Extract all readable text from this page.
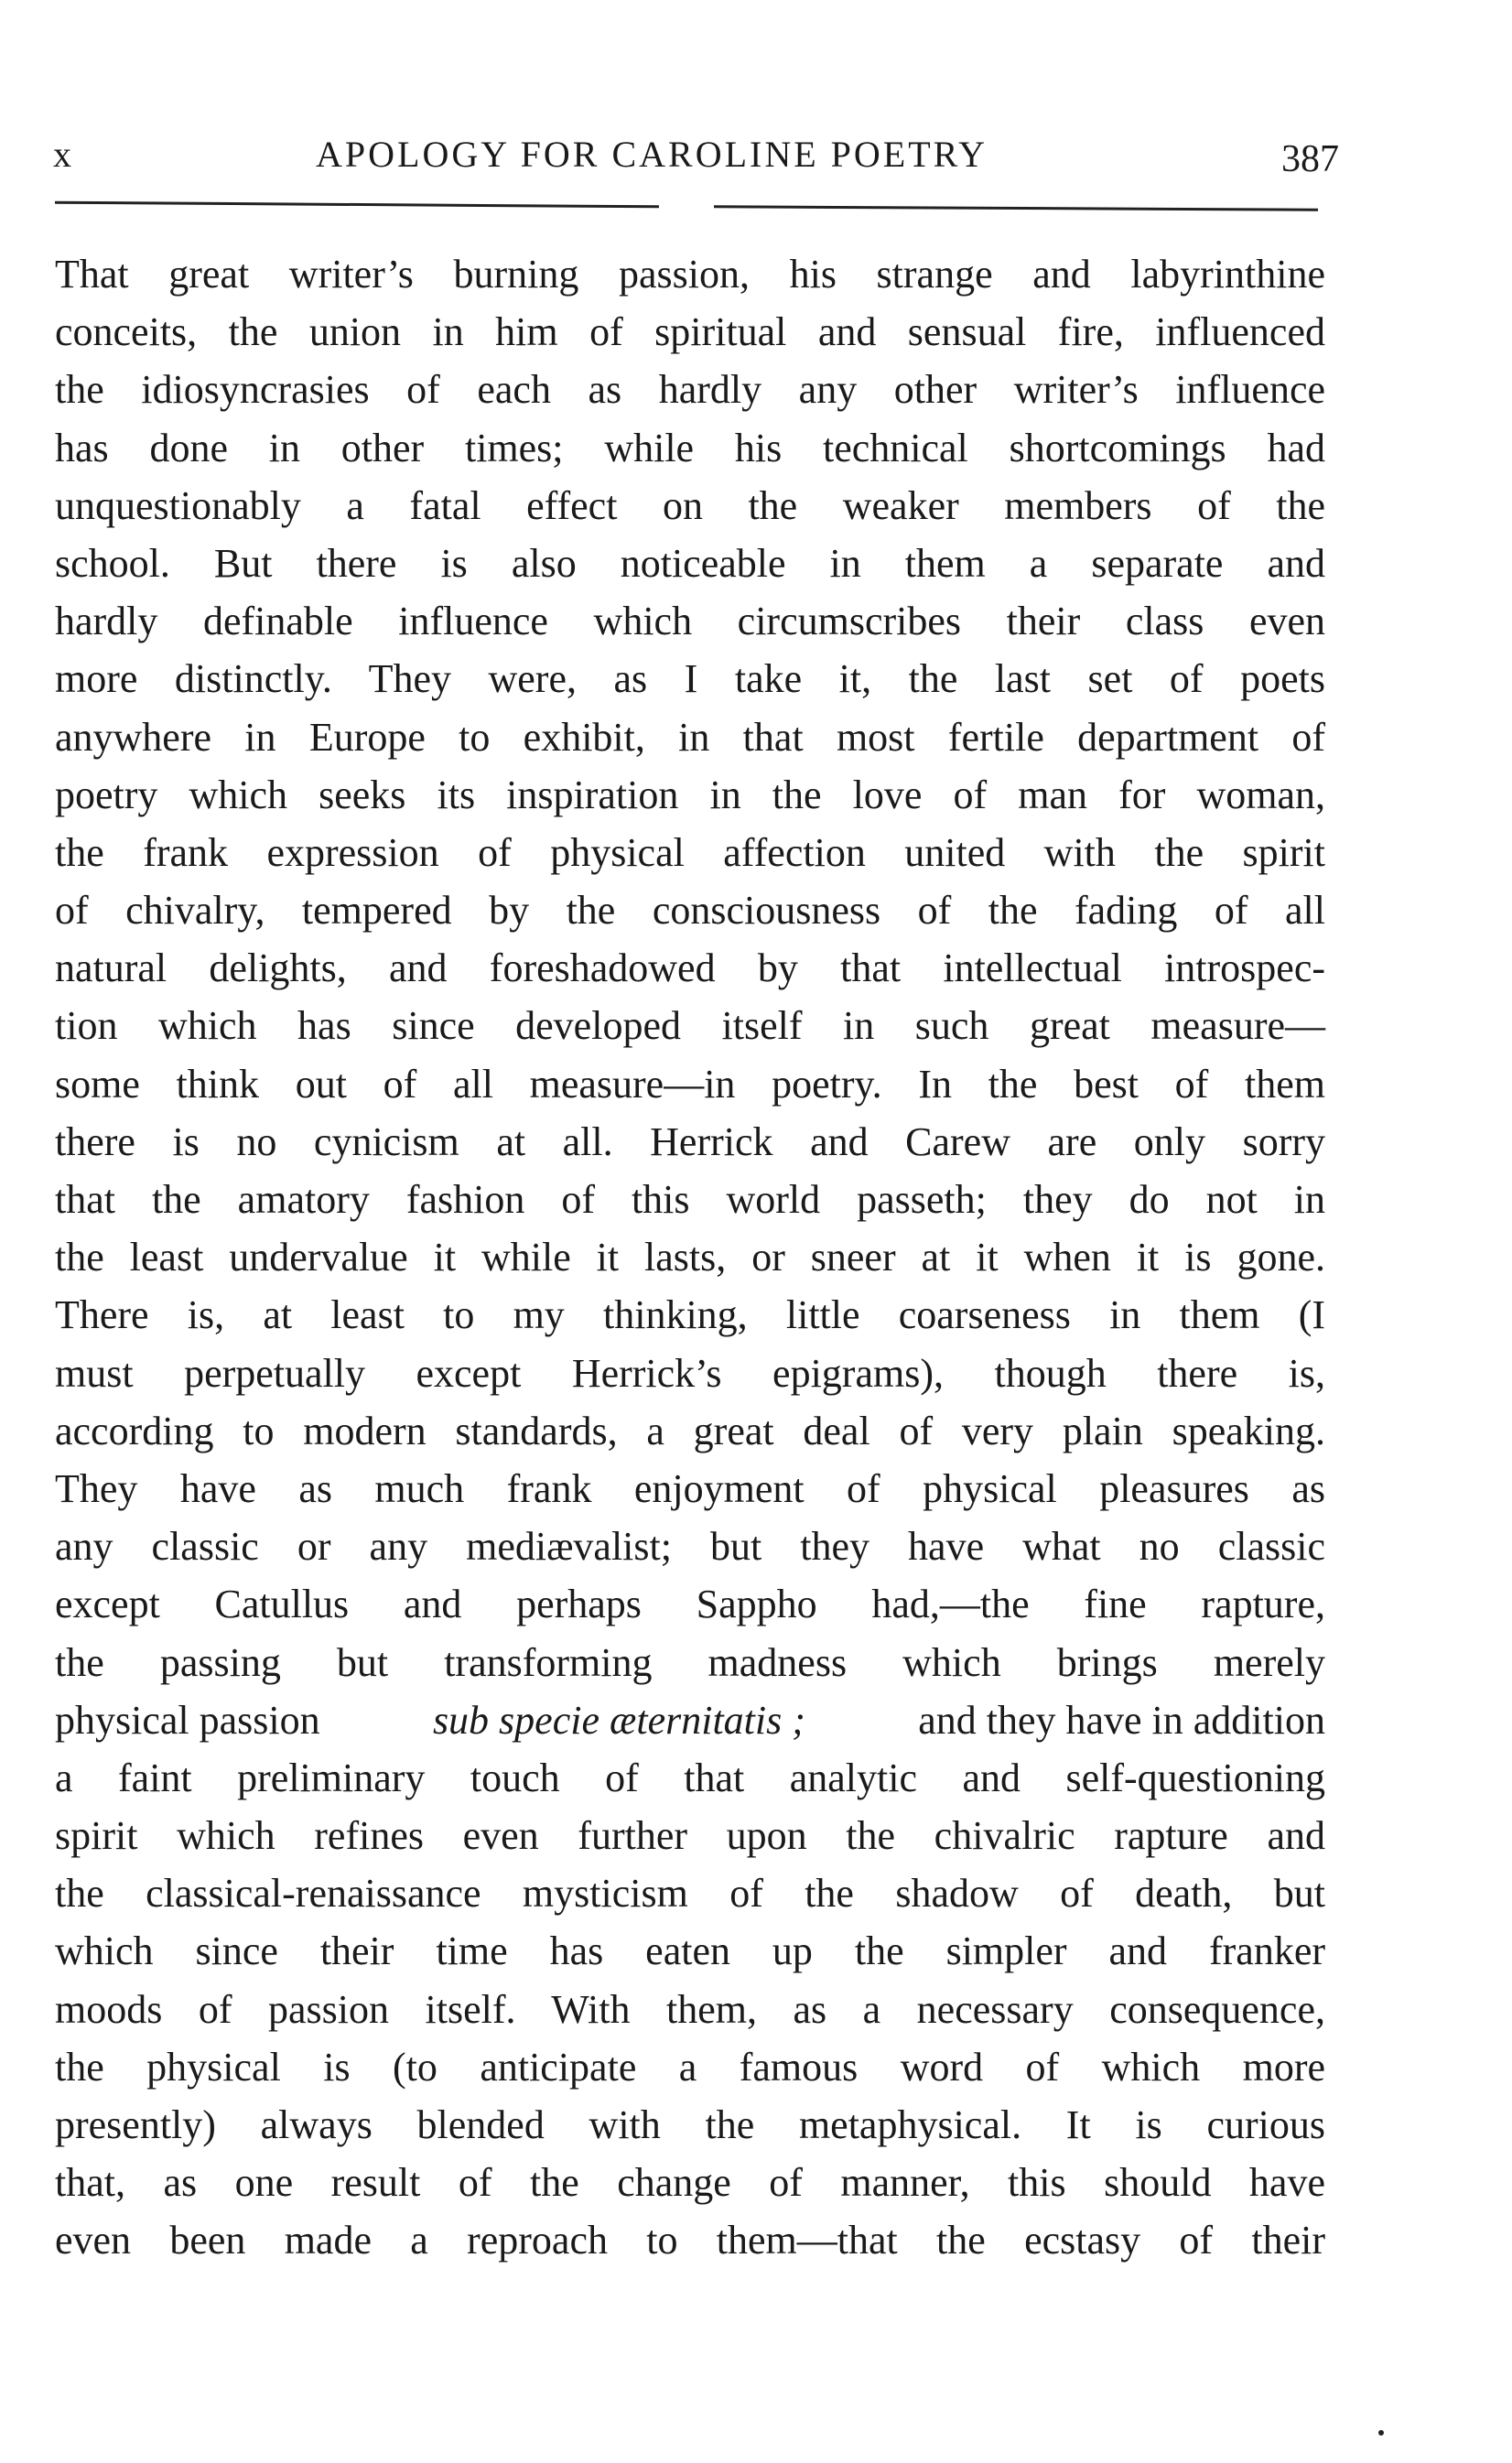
x	APOLOGY FOR CAROLINE POETRY	387
That great writer’s burning passion, his strange and labyrinthine
conceits, the union in him of spiritual and sensual fire, influenced
the idiosyncrasies of each as hardly any other writer’s influence
has done in other times; while his technical shortcomings had
unquestionably a fatal effect on the weaker members of the
school. But there is also noticeable in them a separate and
hardly definable influence which circumscribes their class even
more distinctly. They were, as I take it, the last set of poets
anywhere in Europe to exhibit, in that most fertile department of
poetry which seeks its inspiration in the love of man for woman,
the frank expression of physical affection united with the spirit
of chivalry, tempered by the consciousness of the fading of all
natural delights, and foreshadowed by that intellectual introspec-
tion which has since developed itself in such great measure—
some think out of all measure—in poetry. In the best of them
there is no cynicism at all. Herrick and Carew are only sorry
that the amatory fashion of this world passeth; they do not in
the least undervalue it while it lasts, or sneer at it when it is gone.
There is, at least to my thinking, little coarseness in them (I
must perpetually except Herrick’s epigrams), though there is,
according to modern standards, a great deal of very plain speaking.
They have as much frank enjoyment of physical pleasures as
any classic or any mediævalist; but they have what no classic
except Catullus and perhaps Sappho had,—the fine rapture,
the passing but transforming madness which brings merely
physical passion	sub specie æternitatis ;	and they have in addition
a faint preliminary touch of that analytic and self-questioning
spirit which refines even further upon the chivalric rapture and
the classical-renaissance mysticism of the shadow of death, but
which since their time has eaten up the simpler and franker
moods of passion itself. With them, as a necessary consequence,
the physical is (to anticipate a famous word of which more
presently) always blended with the metaphysical. It is curious
that, as one result of the change of manner, this should have
even been made a reproach to them—that the ecstasy of their
